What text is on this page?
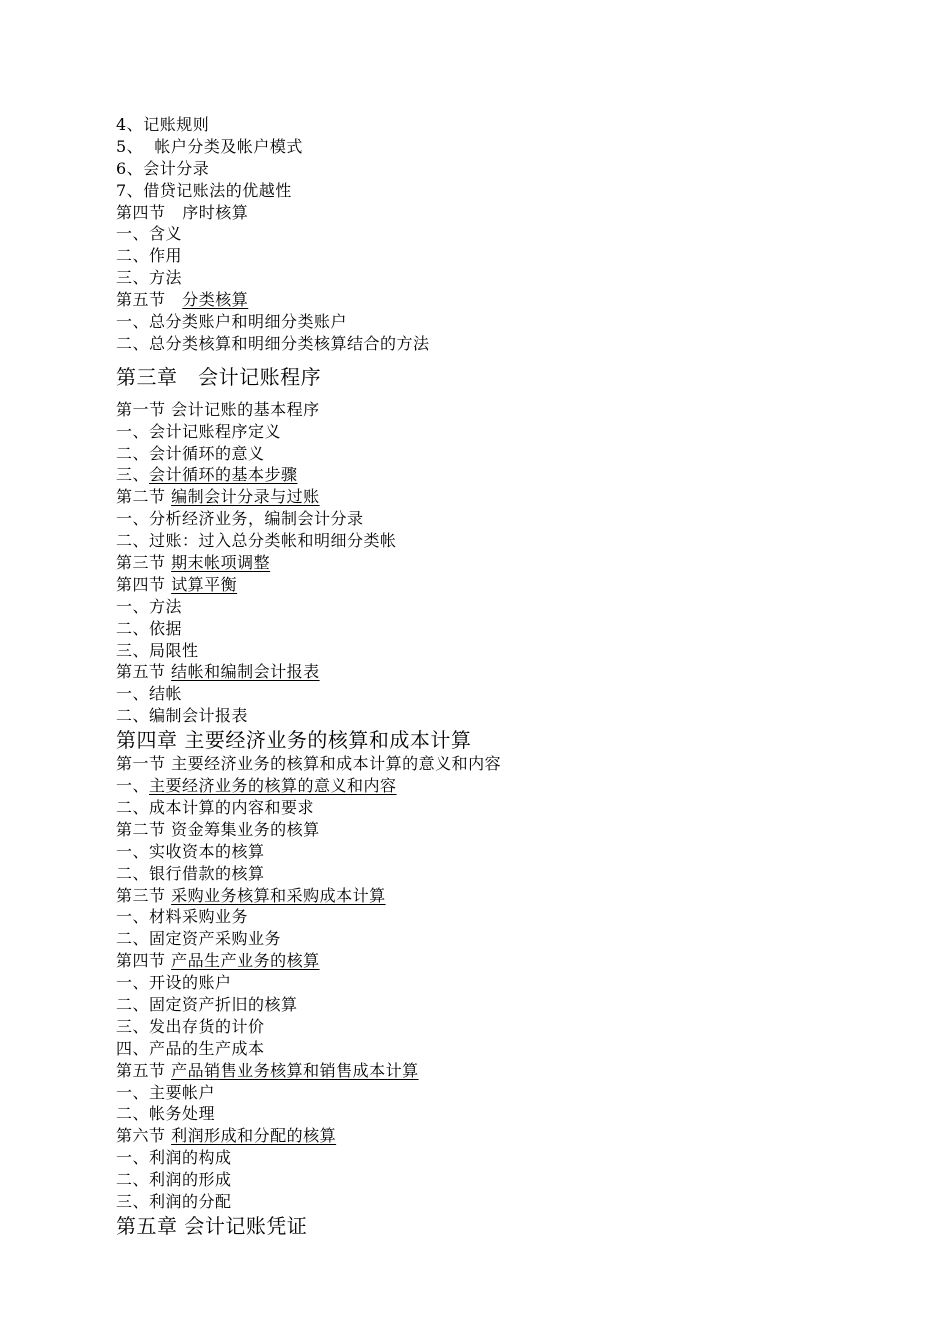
4、记账规则
5、  帐户分类及帐户模式
6、会计分录
7、借贷记账法的优越性
第四节   序时核算
一、含义
二、作用
三、方法
第五节   分类核算
一、总分类账户和明细分类账户
二、总分类核算和明细分类核算结合的方法
第三章   会计记账程序
第一节 会计记账的基本程序
一、会计记账程序定义
二、会计循环的意义
三、会计循环的基本步骤
第二节 编制会计分录与过账
一、分析经济业务，编制会计分录
二、过账：过入总分类帐和明细分类帐
第三节 期末帐项调整
第四节 试算平衡
一、方法
二、依据
三、局限性
第五节 结帐和编制会计报表
一、结帐
二、编制会计报表
第四章 主要经济业务的核算和成本计算
第一节 主要经济业务的核算和成本计算的意义和内容
一、主要经济业务的核算的意义和内容
二、成本计算的内容和要求
第二节 资金筹集业务的核算
一、实收资本的核算
二、银行借款的核算
第三节 采购业务核算和采购成本计算
一、材料采购业务
二、固定资产采购业务
第四节 产品生产业务的核算
一、开设的账户
二、固定资产折旧的核算
三、发出存货的计价
四、产品的生产成本
第五节 产品销售业务核算和销售成本计算
一、主要帐户
二、帐务处理
第六节 利润形成和分配的核算
一、利润的构成
二、利润的形成
三、利润的分配
第五章 会计记账凭证
